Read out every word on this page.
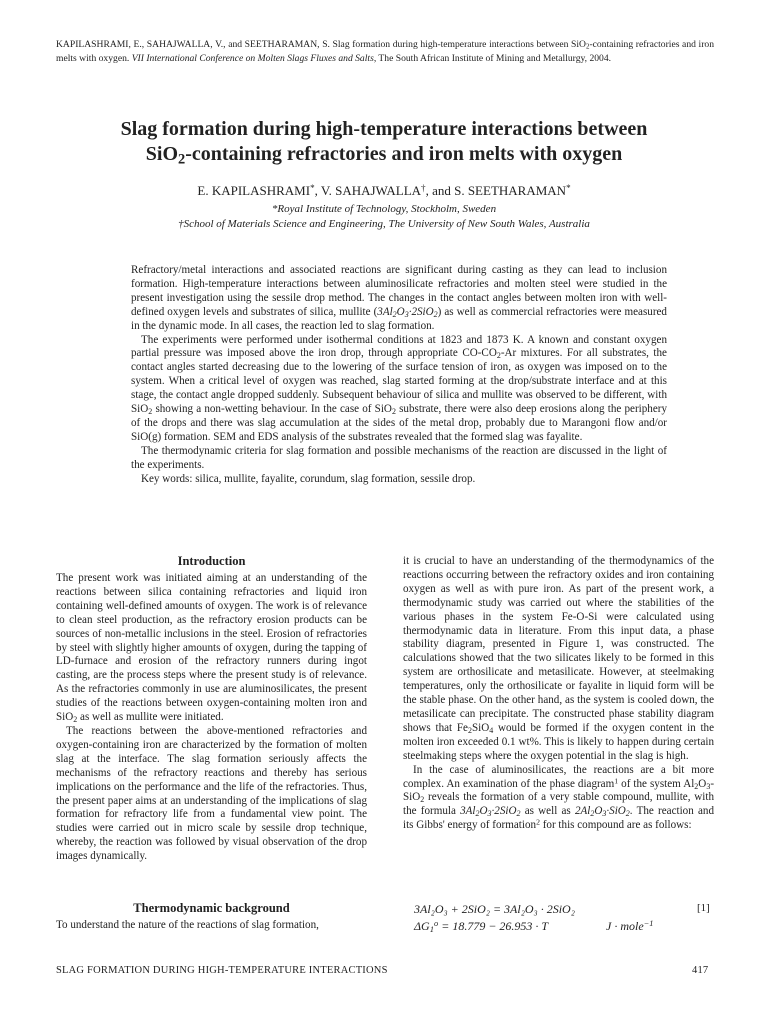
KAPILASHRAMI, E., SAHAJWALLA, V., and SEETHARAMAN, S. Slag formation during high-temperature interactions between SiO$_2$-containing refractories and iron melts with oxygen. VII International Conference on Molten Slags Fluxes and Salts, The South African Institute of Mining and Metallurgy, 2004.
Slag formation during high-temperature interactions between
SiO$_2$-containing refractories and iron melts with oxygen
E. KAPILASHRAMI*, V. SAHAJWALLA†, and S. SEETHARAMAN*
*Royal Institute of Technology, Stockholm, Sweden
†School of Materials Science and Engineering, The University of New South Wales, Australia

Refractory/metal interactions and associated reactions are significant during casting as they can lead to inclusion formation. High-temperature interactions between aluminosilicate refractories and molten steel were studied in the present investigation using the sessile drop method. The changes in the contact angles between molten iron with well-defined oxygen levels and substrates of silica, mullite $(3Al_2O_3\cdot 2SiO_2)$ as well as commercial refractories were measured in the dynamic mode. In all cases, the reaction led to slag formation.

The experiments were performed under isothermal conditions at 1823 and 1873 K. A known and constant oxygen partial pressure was imposed above the iron drop, through appropriate $CO-CO_2-Ar$ mixtures. For all substrates, the contact angles started decreasing due to the lowering of the surface tension of iron, as oxygen was imposed on to the system. When a critical level of oxygen was reached, slag started forming at the drop/substrate interface and at this stage, the contact angle dropped suddenly. Subsequent behaviour of silica and mullite was observed to be different, with SiO$_2$ showing a non-wetting behaviour. In the case of SiO$_2$ substrate, there were also deep erosions along the periphery of the drops and there was slag accumulation at the sides of the metal drop, probably due to Marangoni flow and/or SiO(g) formation. SEM and EDS analysis of the substrates revealed that the formed slag was fayalite.

The thermodynamic criteria for slag formation and possible mechanisms of the reaction are discussed in the light of the experiments.

Key words: silica, mullite, fayalite, corundum, slag formation, sessile drop.

Introduction

The present work was initiated aiming at an understanding of the reactions between silica containing refractories and liquid iron containing well-defined amounts of oxygen. The work is of relevance to clean steel production, as the refractory erosion products can be sources of non-metallic inclusions in the steel. Erosion of refractories by steel with slightly higher amounts of oxygen, during the tapping of LD-furnace and erosion of the refractory runners during ingot casting, are the process steps where the present study is of relevance. As the refractories commonly in use are aluminosilicates, the present studies of the reactions between oxygen-containing molten iron and SiO$_2$ as well as mullite were initiated.

The reactions between the above-mentioned refractories and oxygen-containing iron are characterized by the formation of molten slag at the interface. The slag formation seriously affects the mechanisms of the refractory reactions and thereby has serious implications on the performance and the life of the refractories. Thus, the present paper aims at an understanding of the implications of slag formation for refractory life from a fundamental view point. The studies were carried out in micro scale by sessile drop technique, whereby, the reaction was followed by visual observation of the drop images dynamically.

Thermodynamic background

To understand the nature of the reactions of slag formation,

it is crucial to have an understanding of the thermodynamics of the reactions occurring between the refractory oxides and iron containing oxygen as well as with pure iron. As part of the present work, a thermodynamic study was carried out where the stabilities of the various phases in the system Fe-O-Si were calculated using thermodynamic data in literature. From this input data, a phase stability diagram, presented in Figure 1, was constructed. The calculations showed that the two silicates likely to be formed in this system are orthosilicate and metasilicate. However, at steelmaking temperatures, only the orthosilicate or fayalite in liquid form will be the stable phase. On the other hand, as the system is cooled down, the metasilicate can precipitate. The constructed phase stability diagram shows that $Fe_2SiO_4$ would be formed if the oxygen content in the molten iron exceeded 0.1 wt%. This is likely to happen during certain steelmaking steps where the oxygen potential in the slag is high.

In the case of aluminosilicates, the reactions are a bit more complex. An examination of the phase diagram$^1$ of the system $Al_2O_3-SiO_2$ reveals the formation of a very stable compound, mullite, with the formula $3Al_2O_3\cdot 2SiO_2$ as well as $2Al_2O_3\cdot SiO_2$. The reaction and its Gibbs' energy of formation$^2$ for this compound are as follows:

3Al₂O₃ + 2SiO₂ = 3Al₂O₃ · 2SiO₂
$\Delta G_1^o = 18.779 - 26.953 \cdot T$	J · mole$^{-1}$
[1]
SLAG FORMATION DURING HIGH-TEMPERATURE INTERACTIONS	417
